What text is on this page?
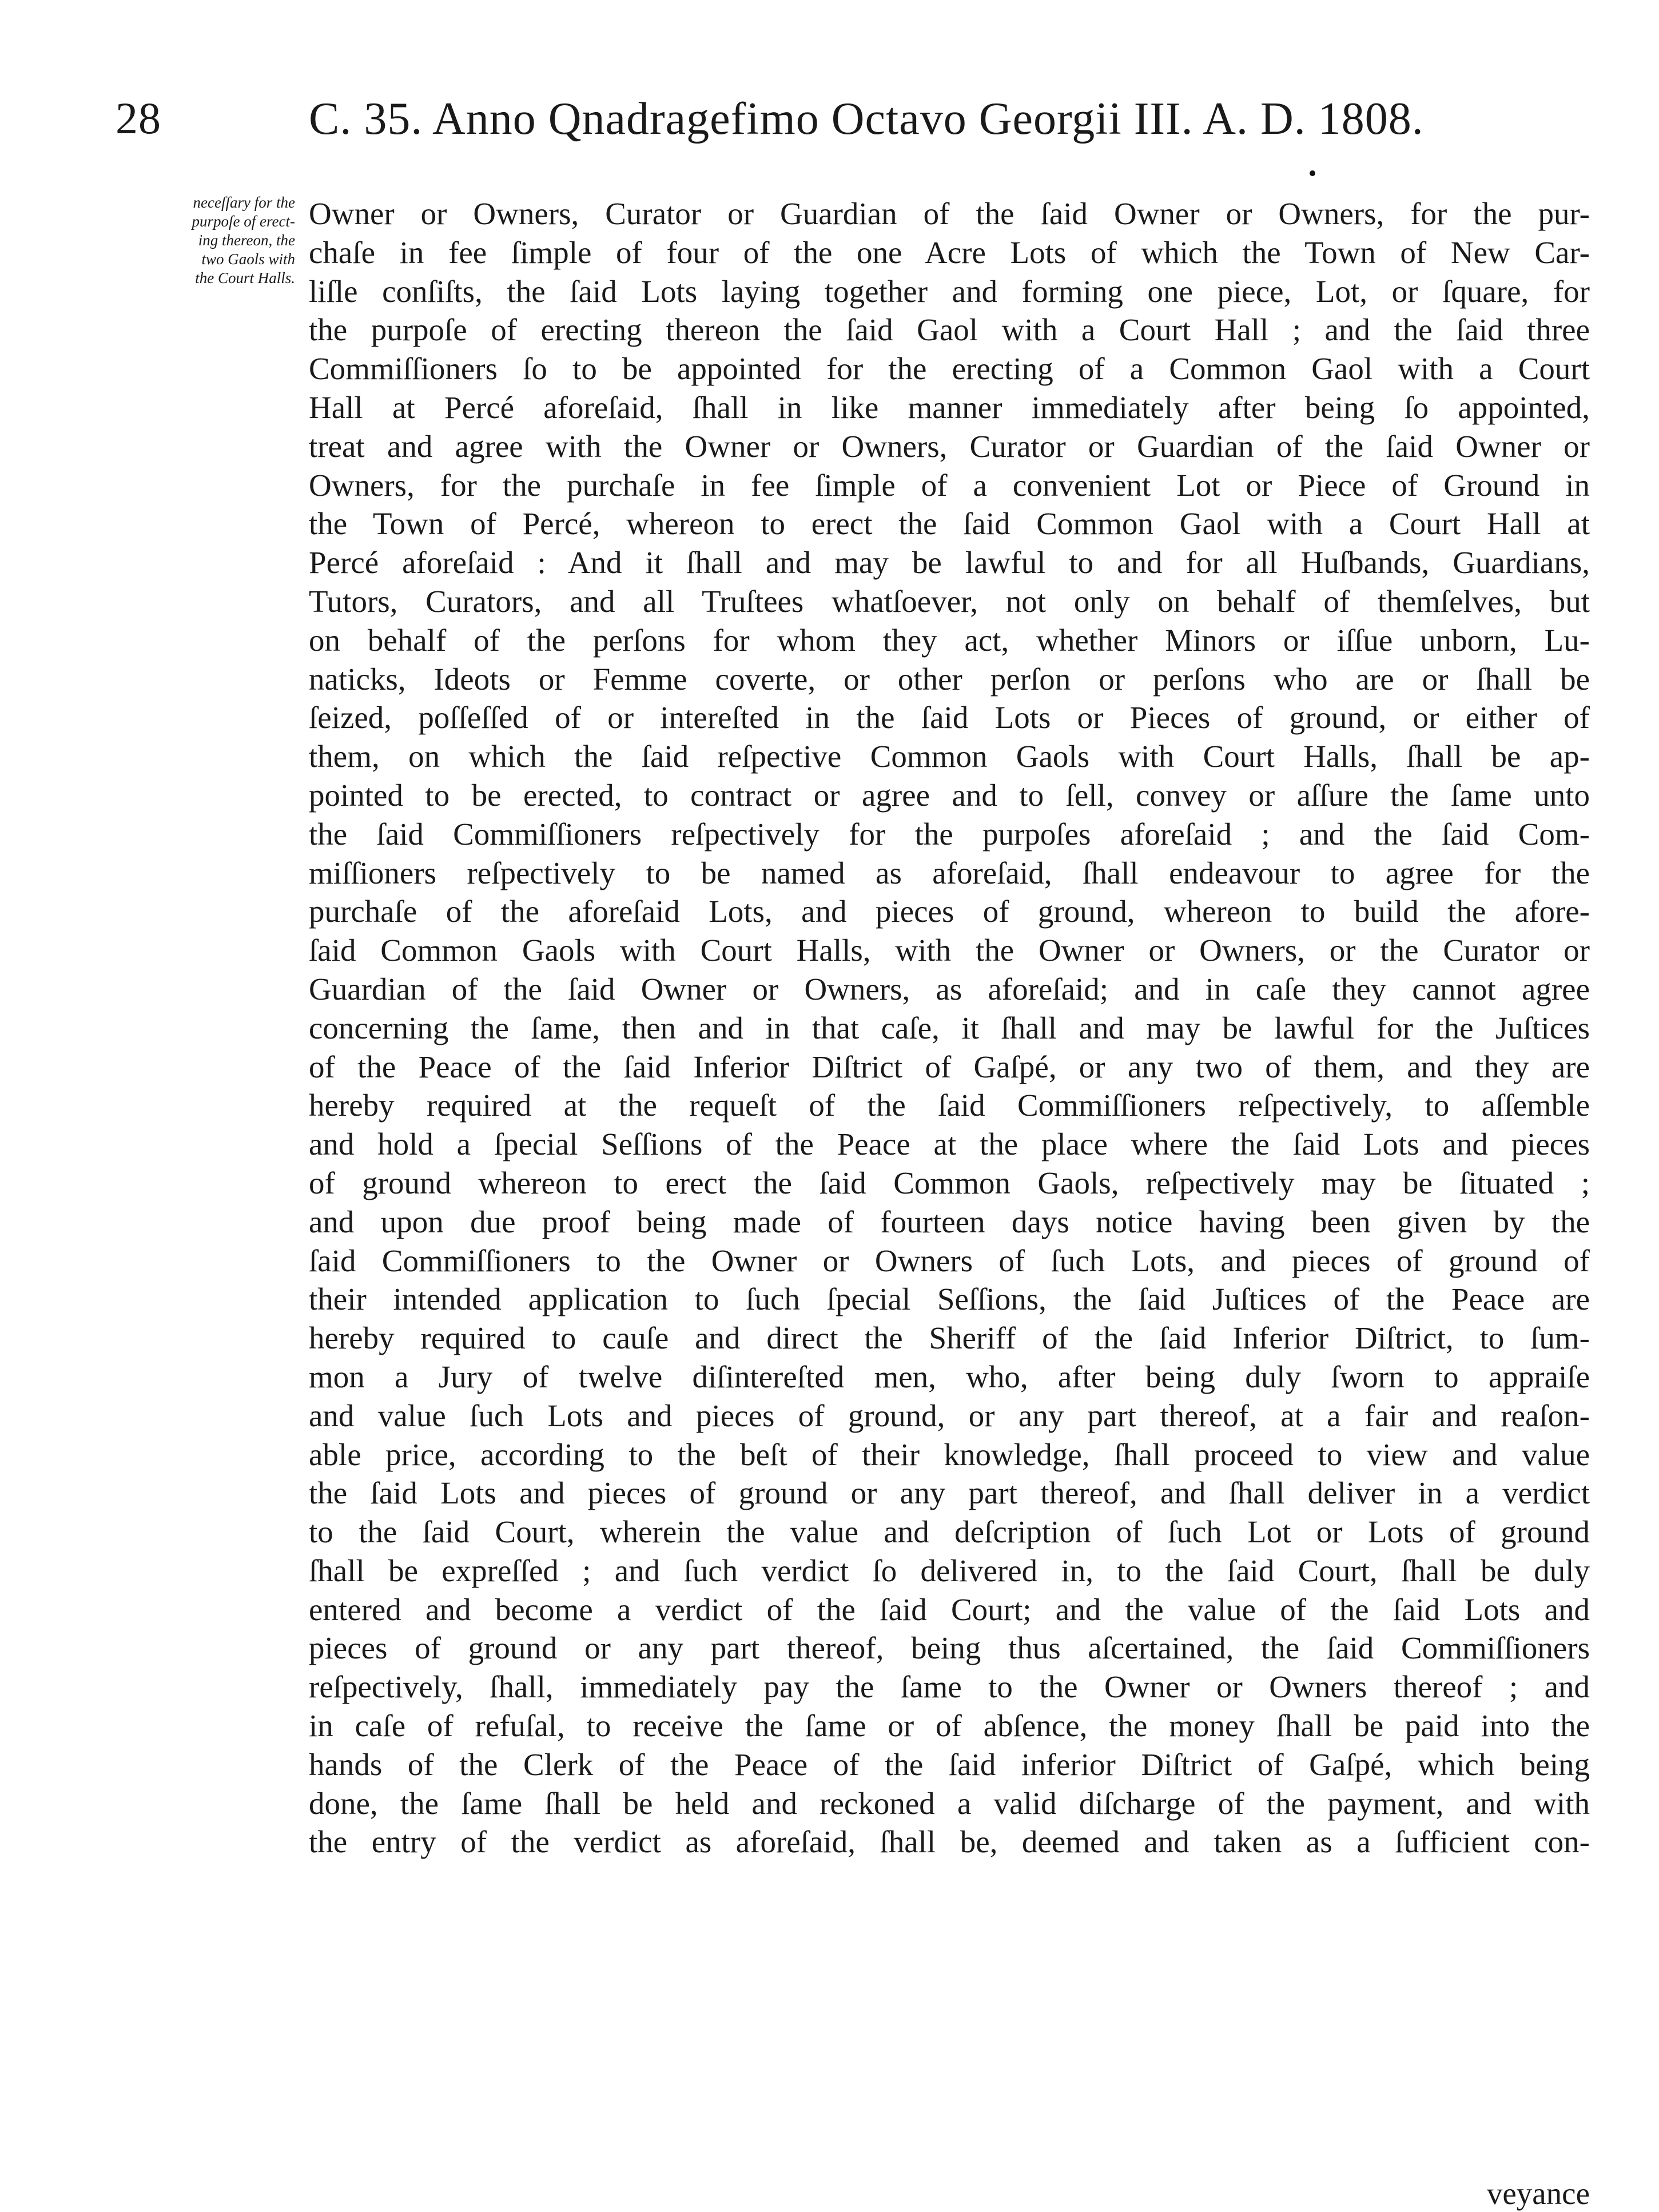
28	C. 35. Anno Qnadragefimo Octavo Georgii III. A. D. 1808.
neceſſary for the
purpoſe of erect-
ing thereon, the
two Gaols with
the Court Halls.
Owner or Owners, Curator or Guardian of the ſaid Owner or Owners, for the pur-
chaſe in fee ſimple of four of the one Acre Lots of which the Town of New Car-
liſle conſiſts, the ſaid Lots laying together and forming one piece, Lot, or ſquare, for
the purpoſe of erecting thereon the ſaid Gaol with a Court Hall ; and the ſaid three
Commiſſioners ſo to be appointed for the erecting of a Common Gaol with a Court
Hall at Percé aforeſaid, ſhall in like manner immediately after being ſo appointed,
treat and agree with the Owner or Owners, Curator or Guardian of the ſaid Owner or
Owners, for the purchaſe in fee ſimple of a convenient Lot or Piece of Ground in
the Town of Percé, whereon to erect the ſaid Common Gaol with a Court Hall at
Percé aforeſaid : And it ſhall and may be lawful to and for all Huſbands, Guardians,
Tutors, Curators, and all Truſtees whatſoever, not only on behalf of themſelves, but
on behalf of the perſons for whom they act, whether Minors or iſſue unborn, Lu-
naticks, Ideots or Femme coverte, or other perſon or perſons who are or ſhall be
ſeized, poſſeſſed of or intereſted in the ſaid Lots or Pieces of ground, or either of
them, on which the ſaid reſpective Common Gaols with Court Halls, ſhall be ap-
pointed to be erected, to contract or agree and to ſell, convey or aſſure the ſame unto
the ſaid Commiſſioners reſpectively for the purpoſes aforeſaid ; and the ſaid Com-
miſſioners reſpectively to be named as aforeſaid, ſhall endeavour to agree for the
purchaſe of the aforeſaid Lots, and pieces of ground, whereon to build the afore-
ſaid Common Gaols with Court Halls, with the Owner or Owners, or the Curator or
Guardian of the ſaid Owner or Owners, as aforeſaid; and in caſe they cannot agree
concerning the ſame, then and in that caſe, it ſhall and may be lawful for the Juſtices
of the Peace of the ſaid Inferior Diſtrict of Gaſpé, or any two of them, and they are
hereby required at the requeſt of the ſaid Commiſſioners reſpectively, to aſſemble
and hold a ſpecial Seſſions of the Peace at the place where the ſaid Lots and pieces
of ground whereon to erect the ſaid Common Gaols, reſpectively may be ſituated ;
and upon due proof being made of fourteen days notice having been given by the
ſaid Commiſſioners to the Owner or Owners of ſuch Lots, and pieces of ground of
their intended application to ſuch ſpecial Seſſions, the ſaid Juſtices of the Peace are
hereby required to cauſe and direct the Sheriff of the ſaid Inferior Diſtrict, to ſum-
mon a Jury of twelve diſintereſted men, who, after being duly ſworn to appraiſe
and value ſuch Lots and pieces of ground, or any part thereof, at a fair and reaſon-
able price, according to the beſt of their knowledge, ſhall proceed to view and value
the ſaid Lots and pieces of ground or any part thereof, and ſhall deliver in a verdict
to the ſaid Court, wherein the value and deſcription of ſuch Lot or Lots of ground
ſhall be expreſſed ; and ſuch verdict ſo delivered in, to the ſaid Court, ſhall be duly
entered and become a verdict of the ſaid Court; and the value of the ſaid Lots and
pieces of ground or any part thereof, being thus aſcertained, the ſaid Commiſſioners
reſpectively, ſhall, immediately pay the ſame to the Owner or Owners thereof ; and
in caſe of refuſal, to receive the ſame or of abſence, the money ſhall be paid into the
hands of the Clerk of the Peace of the ſaid inferior Diſtrict of Gaſpé, which being
done, the ſame ſhall be held and reckoned a valid diſcharge of the payment, and with
the entry of the verdict as aforeſaid, ſhall be, deemed and taken as a ſufficient con-
veyance
